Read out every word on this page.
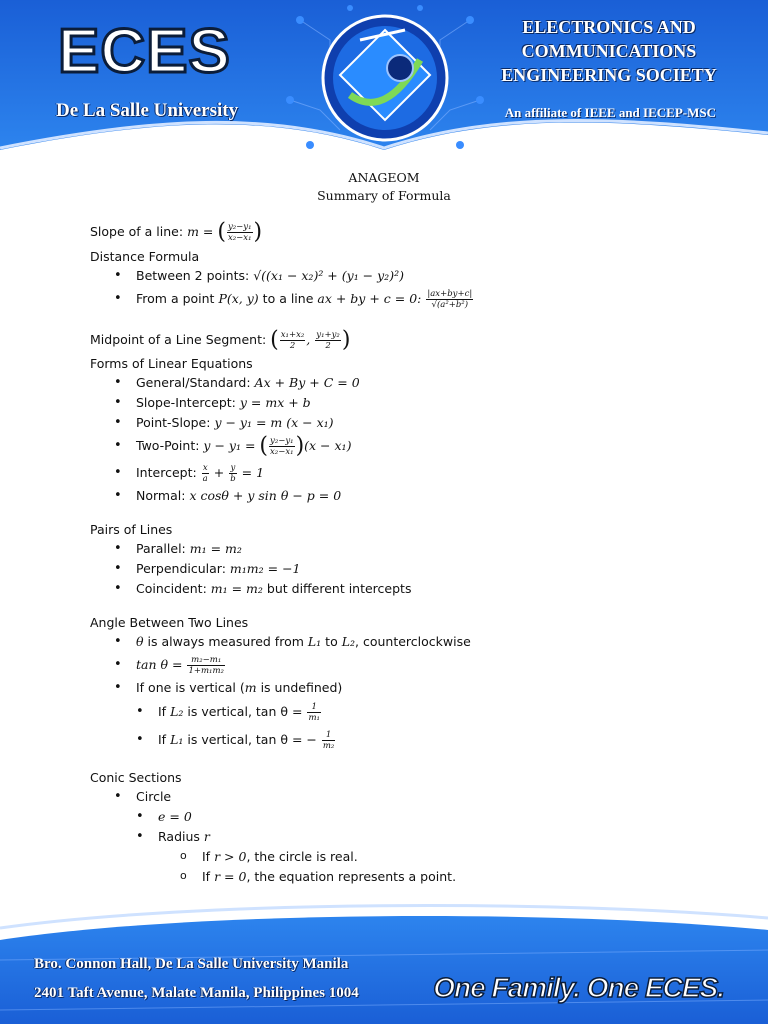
ECES
De La Salle University
ELECTRONICS AND
COMMUNICATIONS
ENGINEERING SOCIETY
An affiliate of IEEE and IECEP-MSC
ANAGEOM
Summary of Formula

Slope of a line: m = ( $\frac{\text{y₂−y₁}}{\text{x₂−x₁}}$ )

Distance Formula

• Between 2 points: √((x₁ − x₂)² + (y₁ − y₂)²)
• From a point P(x, y) to a line ax + by + c = 0: $\frac{|ax+by+c|}{\text{√(a²+b²)}}$

Midpoint of a Line Segment: ( $\frac{\text{x₁+x₂}}{2}$ , $\frac{\text{y₁+y₂}}{2}$ )

Forms of Linear Equations

• General/Standard: Ax + By + C = 0
• Slope-Intercept: y = mx + b
• Point-Slope: y − y₁ = m (x − x₁)
• Two-Point: y − y₁ = ( $\frac{\text{y₂−y₁}}{\text{x₂−x₁}} )(x - x_1)$
• Intercept: $\frac{x}{a} + \frac{y}{b} = 1$
• Normal: x cosθ + y sin θ − p = 0

Pairs of Lines

• Parallel: m₁ = m₂
• Perpendicular: m₁m₂ = −1
• Coincident: m₁ = m₂ but different intercepts

Angle Between Two Lines

• θ is always measured from L₁ to L₂, counterclockwise
• $\tan \theta = \frac{\text{m₂−m₁}}{\text{1+m₁m₂}}$
• If one is vertical (m is undefined)
• If L₂ is vertical, $\tan \theta = \frac{1}{\text{m₁}}$
• If L₁ is vertical, tan θ = − $\frac{1}{\text{m₂}}$

Conic Sections

• Circle
• e = 0
• Radius r
o If r > 0, the circle is real.
o If r = 0, the equation represents a point.
Bro. Connon Hall, De La Salle University Manila
2401 Taft Avenue, Malate Manila, Philippines 1004	One Family. One ECES.
